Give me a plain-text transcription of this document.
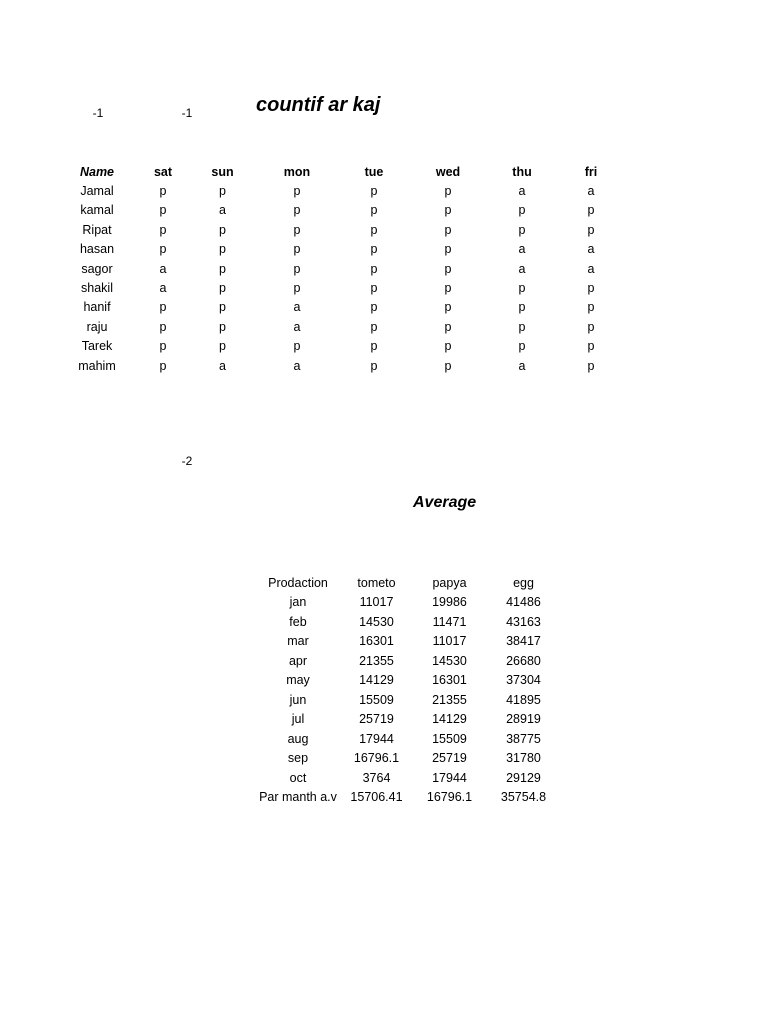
-1	-1	countif ar kaj
Name	sat	sun	mon	tue	wed	thu	fri
Jamal	p	p	p	p	p	a	a
kamal	p	a	p	p	p	p	p
Ripat	p	p	p	p	p	p	p
hasan	p	p	p	p	p	a	a
sagor	a	p	p	p	p	a	a
shakil	a	p	p	p	p	p	p
hanif	p	p	a	p	p	p	p
raju	p	p	a	p	p	p	p
Tarek	p	p	p	p	p	p	p
mahim	p	a	a	p	p	a	p
-2
Average
Prodaction	tometo	papya	egg
jan	11017	19986	41486
feb	14530	11471	43163
mar	16301	11017	38417
apr	21355	14530	26680
may	14129	16301	37304
jun	15509	21355	41895
jul	25719	14129	28919
aug	17944	15509	38775
sep	16796.1	25719	31780
oct	3764	17944	29129
Par manth a.v	15706.41	16796.1	35754.8
